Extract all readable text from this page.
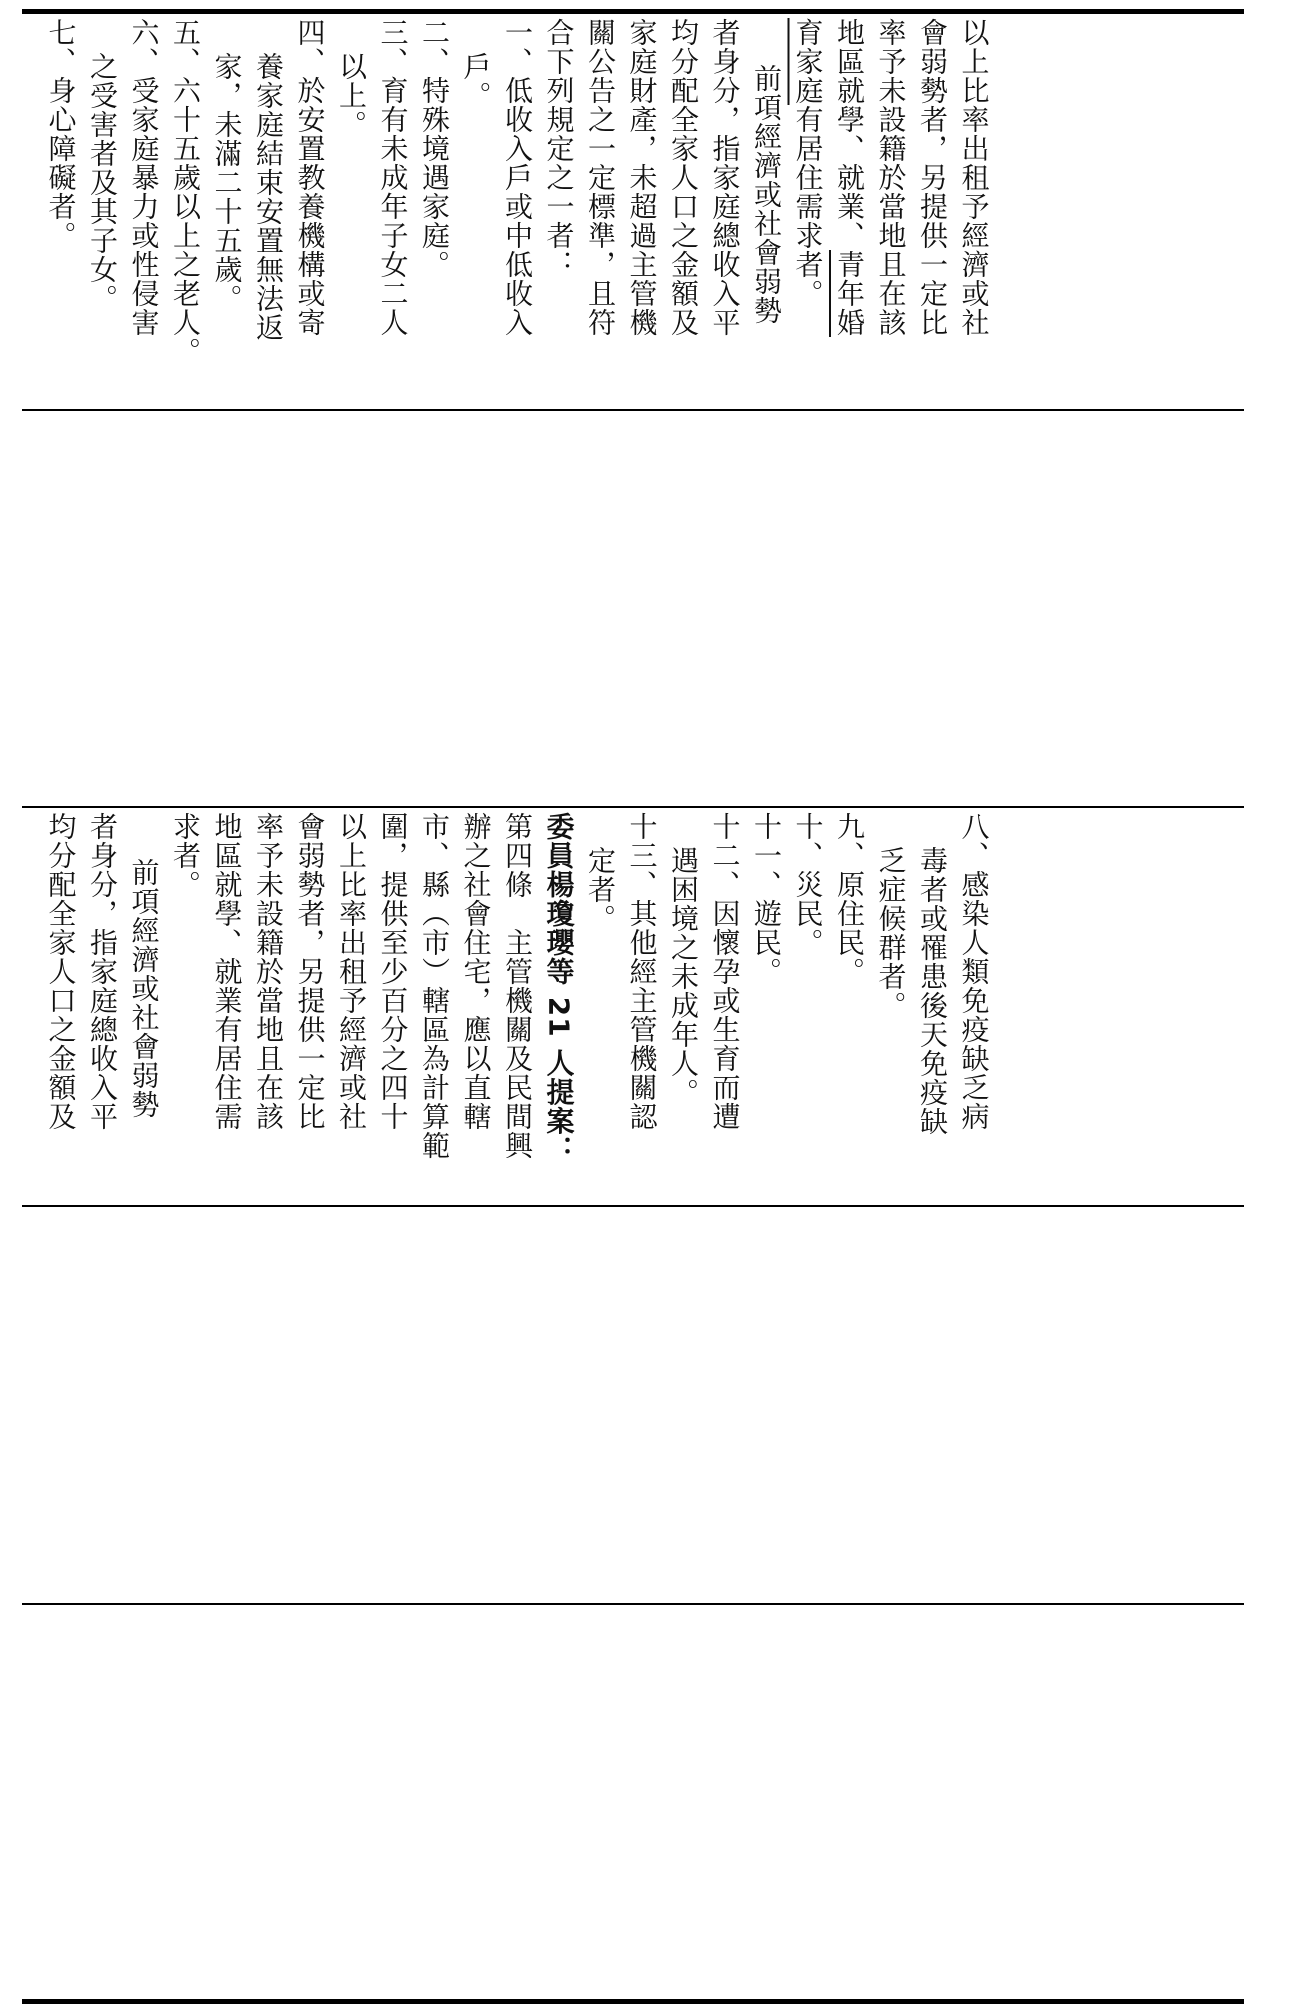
以上比率出租予經濟或社
會弱勢者，另提供一定比
率予未設籍於當地且在該
地區就學、就業、青年婚
育家庭有居住需求者。
前項經濟或社會弱勢
者身分，指家庭總收入平
均分配全家人口之金額及
家庭財產，未超過主管機
關公告之一定標準，且符
合下列規定之一者：
一、低收入戶或中低收入
戶。
二、特殊境遇家庭。
三、育有未成年子女二人
以上。
四、於安置教養機構或寄
養家庭結束安置無法返
家，未滿二十五歲。
五、六十五歲以上之老人。
六、受家庭暴力或性侵害
之受害者及其子女。
七、身心障礙者。
八、感染人類免疫缺乏病
毒者或罹患後天免疫缺
乏症候群者。
九、原住民。
十、災民。
十一、遊民。
十二、因懷孕或生育而遭
遇困境之未成年人。
十三、其他經主管機關認
定者。
委員楊瓊瓔等 21 人提案：
第四條　主管機關及民間興
辦之社會住宅，應以直轄
市、縣（市）轄區為計算範
圍，提供至少百分之四十
以上比率出租予經濟或社
會弱勢者，另提供一定比
率予未設籍於當地且在該
地區就學、就業有居住需
求者。
前項經濟或社會弱勢
者身分，指家庭總收入平
均分配全家人口之金額及
